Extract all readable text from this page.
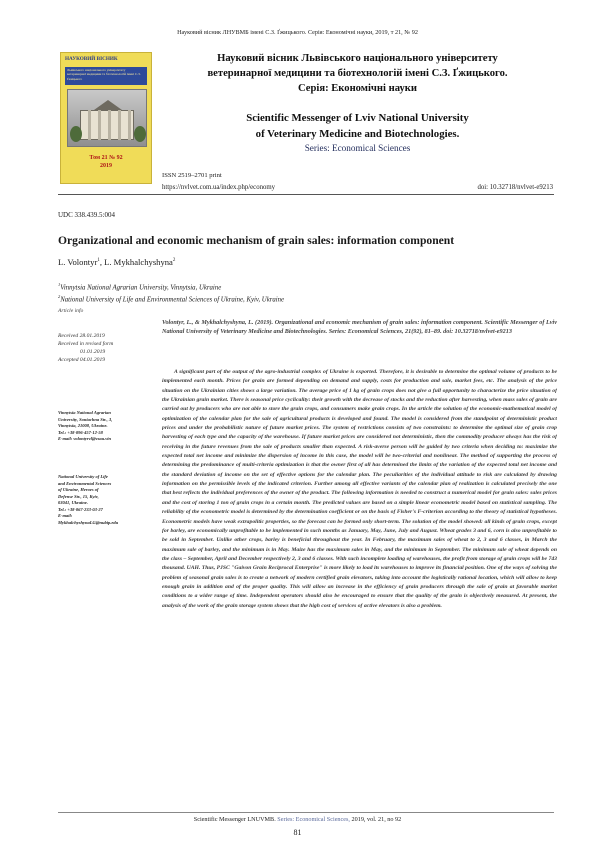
Науковий вісник ЛНУВМБ імені С.З. Ґжицького. Серія: Економічні науки, 2019, т 21, № 92
НАУКОВИЙ ВІСНИК
Львівського національного університету ветеринарної медицини та біотехнологій імені С.З. Ґжицького
Том 21 № 92
2019
Науковий вісник Львівського національного університету
ветеринарної медицини та біотехнологій імені С.З. Ґжицького.
Серія: Економічні науки
Scientific Messenger of Lviv National University
of Veterinary Medicine and Biotechnologies.
Series: Economical Sciences
ISSN 2519–2701 print
https://nvlvet.com.ua/index.php/economy	doi: 10.32718/nvlvet-e9213
UDC 338.439.5:004
Organizational and economic mechanism of grain sales: information component
L. Volontyr$^1$, L. Mykhalchyshyna$^2$
$^1$Vinnytsia National Agrarian University, Vinnytsia, Ukraine
$^2$National University of Life and Environmental Sciences of Ukraine, Kyiv, Ukraine
Article info
Received 28.01.2019
Received in revised form
01.01.2019
Accepted 04.01.2019
Vinnytsia National Agrarian
University, Soniachna Str., 3,
Vinnytsia, 21008, Ukraine.
Tel.: +38-096-457-12-58
E-mail: volontyrvl@vsau.vin
National University of Life
and Environmental Sciences
of Ukraine, Heroes of
Defense Str., 15, Kyiv,
03041, Ukraine.
Tel.: +38-067-233-03-27
E-mail:
MykhalchyshynaLG@nubip.edu
Volontyr, L., & Mykhalchyshyna, L. (2019). Organizational and economic mechanism of grain sales: information component. Scientific Messenger of Lviv National University of Veterinary Medicine and Biotechnologies. Series: Economical Sciences, 21(92), 81–89. doi: 10.32718/nvlvet-e9213
A significant part of the output of the agro-industrial complex of Ukraine is exported. Therefore, it is desirable to determine the optimal volume of products to be implemented each month. Prices for grain are formed depending on demand and supply, costs for production and sale, market fees, etc. The analysis of the price situation on the Ukrainian cities shows a large variation. The average price of 1 kg of grain crops does not give a full opportunity to characterize the price situation of the Ukrainian grain market. There is seasonal price cyclicality: their growth with the decrease of stocks and the reduction after harvesting, when mass sales of grain are carried out by producers who are not able to store the grain crops, and consumers make grain crops. In the article the solution of the economic-mathematical model of optimization of the calendar plan for the sale of agricultural products is developed and found. The model is considered from the standpoint of deterministic product prices and under the probabilistic nature of future market prices. The system of restrictions consists of two constraints: to determine the optimal size of grain crop harvesting of each type and the capacity of the warehouse. If future market prices are considered not deterministic, then the commodity producer always has the risk of receiving in the future revenues from the sale of products smaller than expected. A risk-averse person will be guided by two criteria when deciding to: maximize the expected total net income and minimize the dispersion of income in this case, the model will be two-criterial and nonlinear. The method of supporting the process of determining the predominance of multi-criteria optimization is that the owner first of all has determined the limits of the variation of the expected total net income and the standard deviation of income on the set of effective options for the calendar plan. The peculiarities of the individual attitude to risk are calculated by drawing information on the permissible levels of the indicated criterion. Further among all effective variants of the calendar plan of realization is calculated precisely the one that best reflects the individual preferences of the owner of the product. The following information is needed to construct a numerical model for grain sales: sales prices and the cost of storing 1 ton of grain crops in a certain month. The predicted values are based on a simple linear econometric model based on statistical sampling. The reliability of the econometric model is determined by the determination coefficient or on the basis of Fisher's F-criterion according to the theory of statistical hypotheses. Econometric models have weak extrapolitic properties, so the forecast can be formed only short-term. The solution of the model showed: all kinds of grain crops, except for barley, are economically unprofitable to be implemented in such months as January, May, June, July and August. Wheat grades 3 and 6, corn is also unprofitable to be sold in September. Unlike other crops, barley is beneficial throughout the year. In February, the maximum sales of wheat to 2, 3 and 6 classes, in March the maximum sale of barley, and the minimum is in May. Maize has the maximum sales in May, and the minimum in September. The minimum sale of wheat depends on the class – September, April and December respectively 2, 3 and 6 classes. With such incomplete loading of warehouses, the profit from storage of grain crops will be 743 thousand. UAH. Thus, PJSC "Gaivon Grain Reciprocal Enterprise" is more likely to load its warehouses to improve its financial position. One of the ways of solving the problem of seasonal grain sales is to create a network of modern certified grain elevators, taking into account the logistically rational location, which will allow to keep enough grain in addition and of the proper quality. This will allow an increase in the efficiency of grain producers through the sale of grain at favorable market conditions to a wider range of time. Independent operators should also be encouraged to ensure that the quality of the grain is objectively measured. At present, the analysis of the work of the grain storage system shows that the high cost of services of active elevators is also a problem.
Scientific Messenger LNUVMB. Series: Economical Sciences, 2019, vol. 21, no 92
81
